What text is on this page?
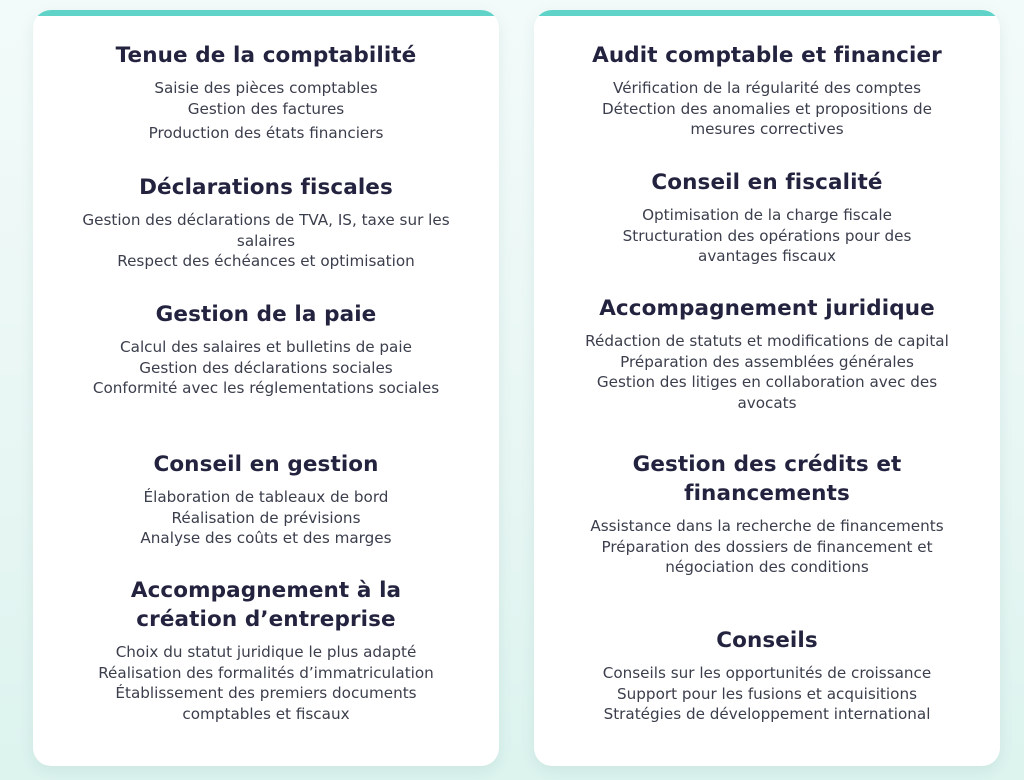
Tenue de la comptabilité
Saisie des pièces comptables
Gestion des factures
Production des états financiers
Déclarations fiscales
Gestion des déclarations de TVA, IS, taxe sur les salaires
Respect des échéances et optimisation
Gestion de la paie
Calcul des salaires et bulletins de paie
Gestion des déclarations sociales
Conformité avec les réglementations sociales
Conseil en gestion
Élaboration de tableaux de bord
Réalisation de prévisions
Analyse des coûts et des marges
Accompagnement à la création d’entreprise
Choix du statut juridique le plus adapté
Réalisation des formalités d’immatriculation
Établissement des premiers documents comptables et fiscaux
Audit comptable et financier
Vérification de la régularité des comptes
Détection des anomalies et propositions de mesures correctives
Conseil en fiscalité
Optimisation de la charge fiscale
Structuration des opérations pour des avantages fiscaux
Accompagnement juridique
Rédaction de statuts et modifications de capital
Préparation des assemblées générales
Gestion des litiges en collaboration avec des avocats
Gestion des crédits et financements
Assistance dans la recherche de financements
Préparation des dossiers de financement et négociation des conditions
Conseils
Conseils sur les opportunités de croissance
Support pour les fusions et acquisitions
Stratégies de développement international
